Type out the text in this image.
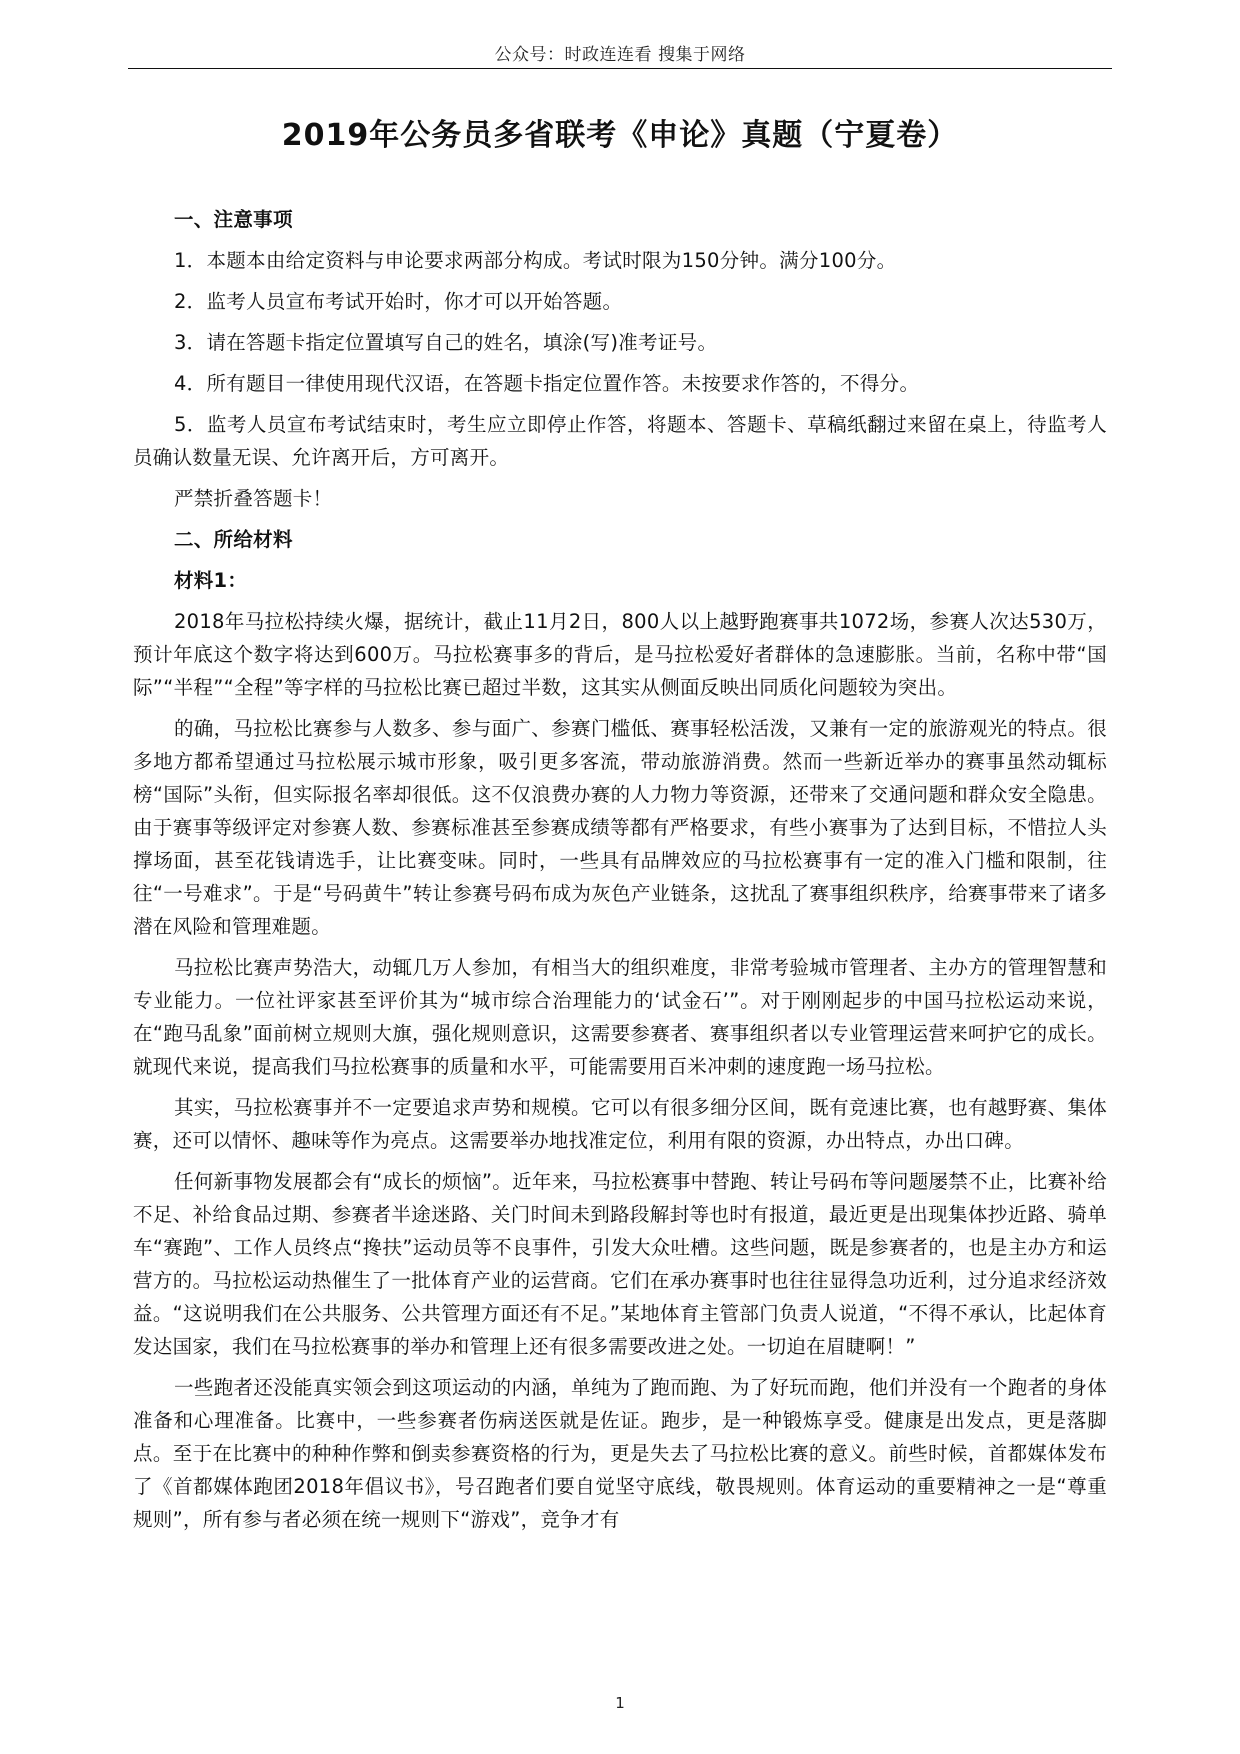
公众号：时政连连看 搜集于网络
2019年公务员多省联考《申论》真题（宁夏卷）

一、注意事项

1．本题本由给定资料与申论要求两部分构成。考试时限为150分钟。满分100分。

2．监考人员宣布考试开始时，你才可以开始答题。

3．请在答题卡指定位置填写自己的姓名，填涂(写)准考证号。

4．所有题目一律使用现代汉语，在答题卡指定位置作答。未按要求作答的，不得分。

5．监考人员宣布考试结束时，考生应立即停止作答，将题本、答题卡、草稿纸翻过来留在桌上，待监考人员确认数量无误、允许离开后，方可离开。

严禁折叠答题卡！

二、所给材料

材料1：

2018年马拉松持续火爆，据统计，截止11月2日，800人以上越野跑赛事共1072场，参赛人次达530万，预计年底这个数字将达到600万。马拉松赛事多的背后，是马拉松爱好者群体的急速膨胀。当前，名称中带“国际”“半程”“全程”等字样的马拉松比赛已超过半数，这其实从侧面反映出同质化问题较为突出。

的确，马拉松比赛参与人数多、参与面广、参赛门槛低、赛事轻松活泼，又兼有一定的旅游观光的特点。很多地方都希望通过马拉松展示城市形象，吸引更多客流，带动旅游消费。然而一些新近举办的赛事虽然动辄标榜“国际”头衔，但实际报名率却很低。这不仅浪费办赛的人力物力等资源，还带来了交通问题和群众安全隐患。由于赛事等级评定对参赛人数、参赛标准甚至参赛成绩等都有严格要求，有些小赛事为了达到目标，不惜拉人头撑场面，甚至花钱请选手，让比赛变味。同时，一些具有品牌效应的马拉松赛事有一定的准入门槛和限制，往往“一号难求”。于是“号码黄牛”转让参赛号码布成为灰色产业链条，这扰乱了赛事组织秩序，给赛事带来了诸多潜在风险和管理难题。

马拉松比赛声势浩大，动辄几万人参加，有相当大的组织难度，非常考验城市管理者、主办方的管理智慧和专业能力。一位社评家甚至评价其为“城市综合治理能力的‘试金石’”。对于刚刚起步的中国马拉松运动来说，在“跑马乱象”面前树立规则大旗，强化规则意识，这需要参赛者、赛事组织者以专业管理运营来呵护它的成长。就现代来说，提高我们马拉松赛事的质量和水平，可能需要用百米冲刺的速度跑一场马拉松。

其实，马拉松赛事并不一定要追求声势和规模。它可以有很多细分区间，既有竞速比赛，也有越野赛、集体赛，还可以情怀、趣味等作为亮点。这需要举办地找准定位，利用有限的资源，办出特点，办出口碑。

任何新事物发展都会有“成长的烦恼”。近年来，马拉松赛事中替跑、转让号码布等问题屡禁不止，比赛补给不足、补给食品过期、参赛者半途迷路、关门时间未到路段解封等也时有报道，最近更是出现集体抄近路、骑单车“赛跑”、工作人员终点“搀扶”运动员等不良事件，引发大众吐槽。这些问题，既是参赛者的，也是主办方和运营方的。马拉松运动热催生了一批体育产业的运营商。它们在承办赛事时也往往显得急功近利，过分追求经济效益。“这说明我们在公共服务、公共管理方面还有不足。”某地体育主管部门负责人说道，“不得不承认，比起体育发达国家，我们在马拉松赛事的举办和管理上还有很多需要改进之处。一切迫在眉睫啊！”

一些跑者还没能真实领会到这项运动的内涵，单纯为了跑而跑、为了好玩而跑，他们并没有一个跑者的身体准备和心理准备。比赛中，一些参赛者伤病送医就是佐证。跑步，是一种锻炼享受。健康是出发点，更是落脚点。至于在比赛中的种种作弊和倒卖参赛资格的行为，更是失去了马拉松比赛的意义。前些时候，首都媒体发布了《首都媒体跑团2018年倡议书》，号召跑者们要自觉坚守底线，敬畏规则。体育运动的重要精神之一是“尊重规则”，所有参与者必须在统一规则下“游戏”，竞争才有

1
